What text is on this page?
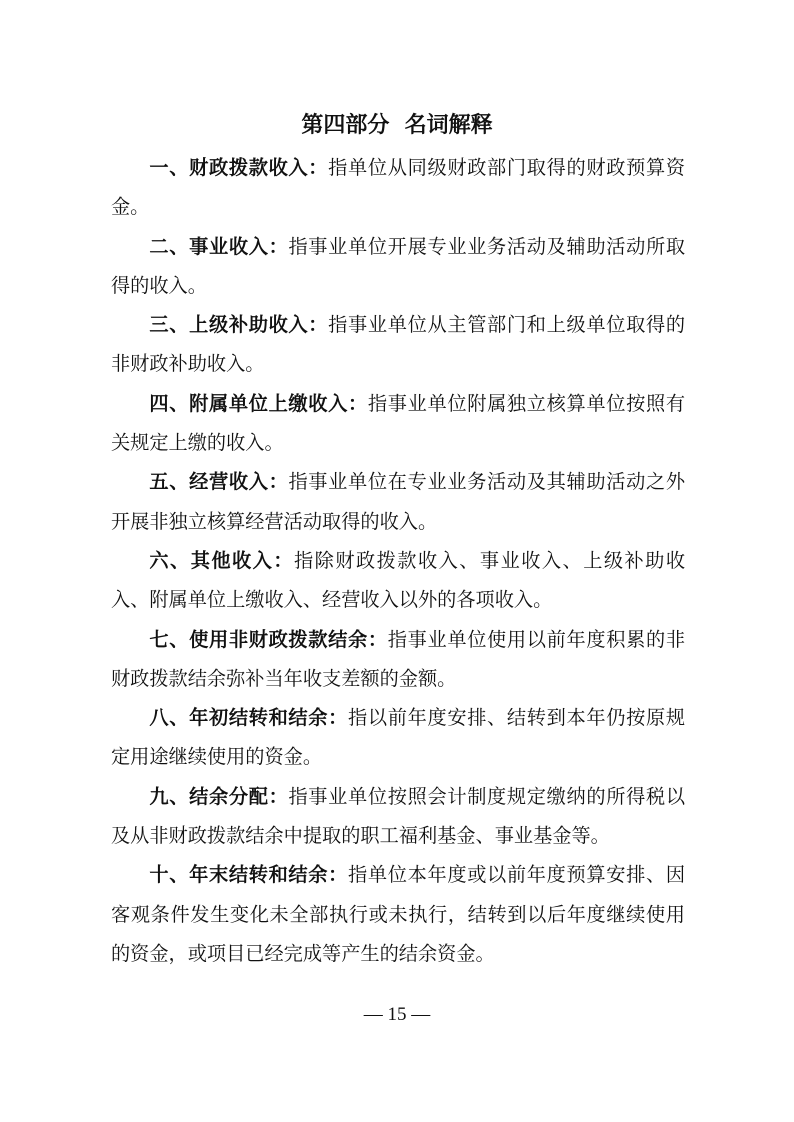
第四部分  名词解释

一、财政拨款收入：指单位从同级财政部门取得的财政预算资金。

二、事业收入：指事业单位开展专业业务活动及辅助活动所取得的收入。

三、上级补助收入：指事业单位从主管部门和上级单位取得的非财政补助收入。

四、附属单位上缴收入：指事业单位附属独立核算单位按照有关规定上缴的收入。

五、经营收入：指事业单位在专业业务活动及其辅助活动之外开展非独立核算经营活动取得的收入。

六、其他收入：指除财政拨款收入、事业收入、上级补助收入、附属单位上缴收入、经营收入以外的各项收入。

七、使用非财政拨款结余：指事业单位使用以前年度积累的非财政拨款结余弥补当年收支差额的金额。

八、年初结转和结余：指以前年度安排、结转到本年仍按原规定用途继续使用的资金。

九、结余分配：指事业单位按照会计制度规定缴纳的所得税以及从非财政拨款结余中提取的职工福利基金、事业基金等。

十、年末结转和结余：指单位本年度或以前年度预算安排、因客观条件发生变化未全部执行或未执行，结转到以后年度继续使用的资金，或项目已经完成等产生的结余资金。

— 15 —
